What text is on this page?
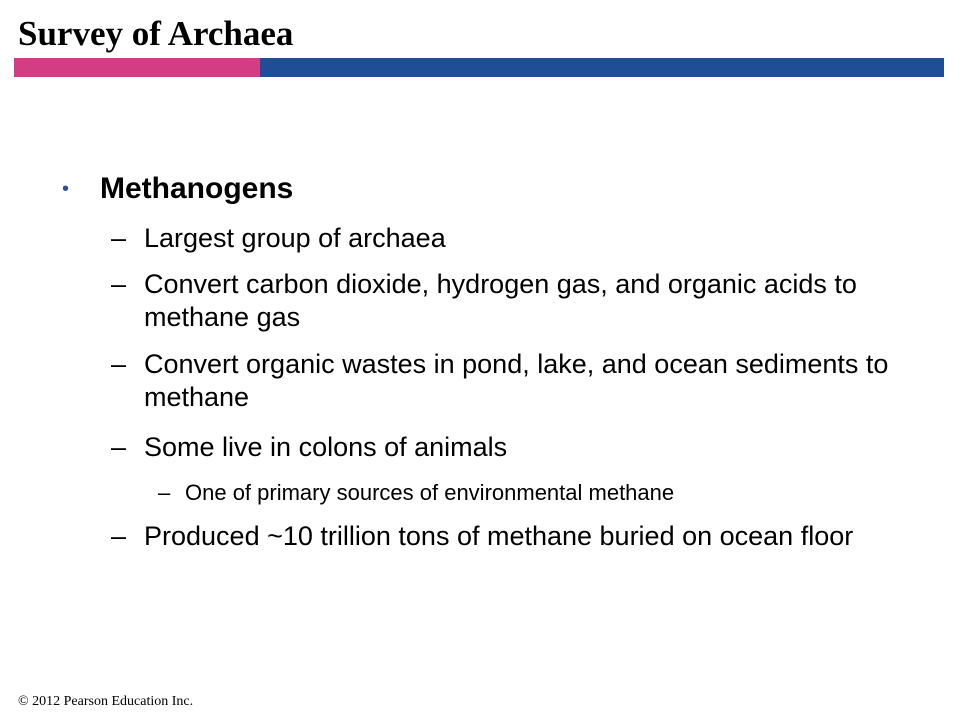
Survey of Archaea
• Methanogens
– Largest group of archaea
– Convert carbon dioxide, hydrogen gas, and organic acids to methane gas
– Convert organic wastes in pond, lake, and ocean sediments to methane
– Some live in colons of animals
– One of primary sources of environmental methane
– Produced ~10 trillion tons of methane buried on ocean floor
© 2012 Pearson Education Inc.
